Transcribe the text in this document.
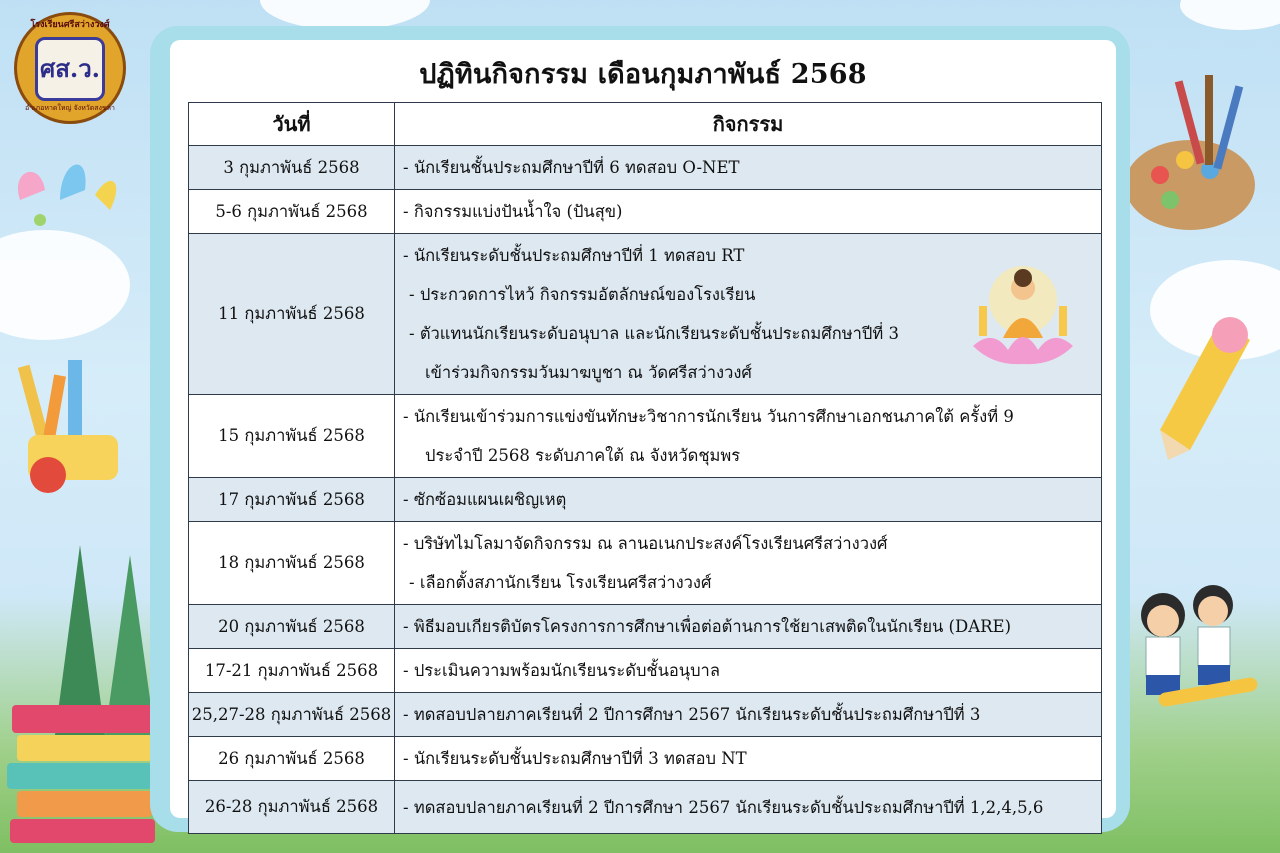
โรงเรียนศรีสว่างวงศ์
ศส.ว.
อำเภอหาดใหญ่ จังหวัดสงขลา
ปฏิทินกิจกรรม เดือนกุมภาพันธ์ 2568
วันที่	กิจกรรม
3 กุมภาพันธ์ 2568	- นักเรียนชั้นประถมศึกษาปีที่ 6 ทดสอบ O-NET

5-6 กุมภาพันธ์ 2568	- กิจกรรมแบ่งปันน้ำใจ (ปันสุข)

11 กุมภาพันธ์ 2568	- นักเรียนระดับชั้นประถมศึกษาปีที่ 1 ทดสอบ RT
- ประกวดการไหว้ กิจกรรมอัตลักษณ์ของโรงเรียน
- ตัวแทนนักเรียนระดับอนุบาล และนักเรียนระดับชั้นประถมศึกษาปีที่ 3
เข้าร่วมกิจกรรมวันมาฆบูชา ณ วัดศรีสว่างวงศ์

15 กุมภาพันธ์ 2568	- นักเรียนเข้าร่วมการแข่งขันทักษะวิชาการนักเรียน วันการศึกษาเอกชนภาคใต้ ครั้งที่ 9
ประจำปี 2568 ระดับภาคใต้ ณ จังหวัดชุมพร

17 กุมภาพันธ์ 2568	- ซักซ้อมแผนเผชิญเหตุ

18 กุมภาพันธ์ 2568	- บริษัทไมโลมาจัดกิจกรรม ณ ลานอเนกประสงค์โรงเรียนศรีสว่างวงศ์
- เลือกตั้งสภานักเรียน โรงเรียนศรีสว่างวงศ์

20 กุมภาพันธ์ 2568	- พิธีมอบเกียรติบัตรโครงการการศึกษาเพื่อต่อต้านการใช้ยาเสพติดในนักเรียน (DARE)

17-21 กุมภาพันธ์ 2568	- ประเมินความพร้อมนักเรียนระดับชั้นอนุบาล

25,27-28 กุมภาพันธ์ 2568	- ทดสอบปลายภาคเรียนที่ 2 ปีการศึกษา 2567 นักเรียนระดับชั้นประถมศึกษาปีที่ 3

26 กุมภาพันธ์ 2568	- นักเรียนระดับชั้นประถมศึกษาปีที่ 3 ทดสอบ NT

26-28 กุมภาพันธ์ 2568	- ทดสอบปลายภาคเรียนที่ 2 ปีการศึกษา 2567 นักเรียนระดับชั้นประถมศึกษาปีที่ 1,2,4,5,6
